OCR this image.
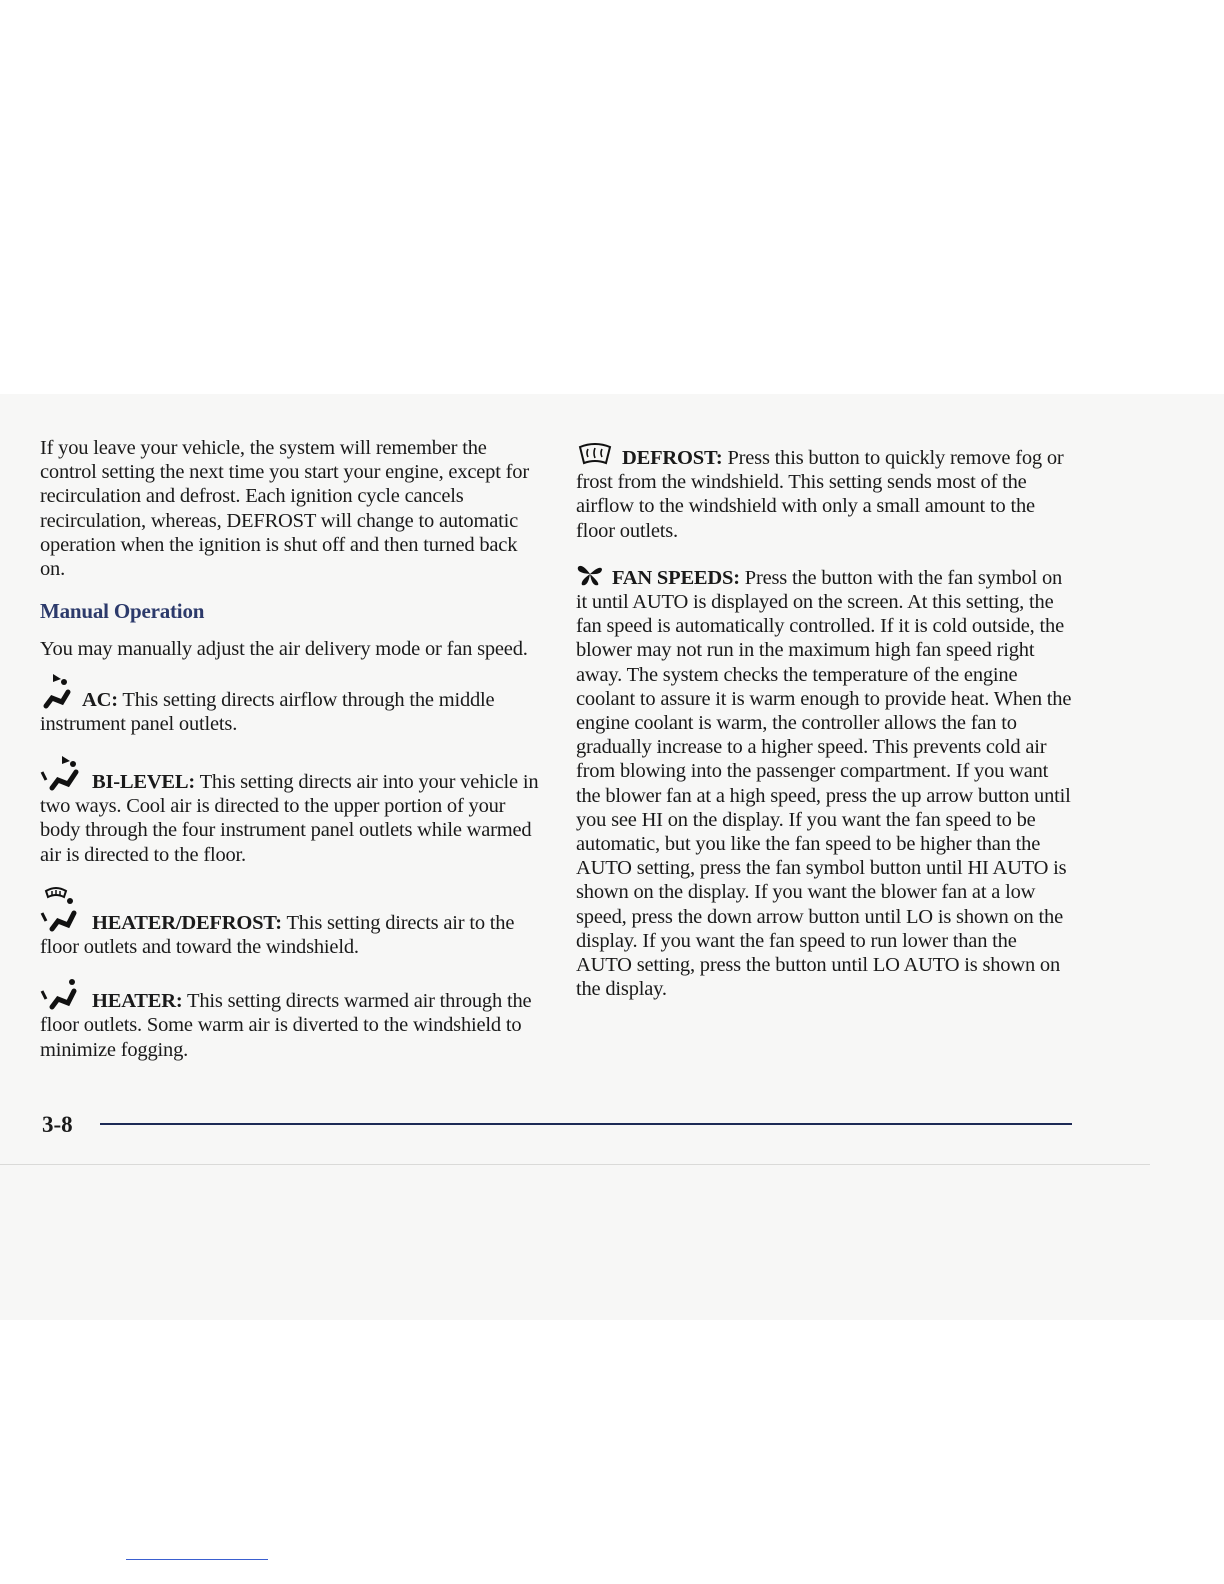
If you leave your vehicle, the system will remember the control setting the next time you start your engine, except for recirculation and defrost. Each ignition cycle cancels recirculation, whereas, DEFROST will change to automatic operation when the ignition is shut off and then turned back on.

Manual Operation

You may manually adjust the air delivery mode or fan speed.

AC: This setting directs airflow through the middle instrument panel outlets.

BI-LEVEL: This setting directs air into your vehicle in two ways. Cool air is directed to the upper portion of your body through the four instrument panel outlets while warmed air is directed to the floor.

HEATER/DEFROST: This setting directs air to the floor outlets and toward the windshield.

HEATER: This setting directs warmed air through the floor outlets. Some warm air is diverted to the windshield to minimize fogging.

DEFROST: Press this button to quickly remove fog or frost from the windshield. This setting sends most of the airflow to the windshield with only a small amount to the floor outlets.

FAN SPEEDS: Press the button with the fan symbol on it until AUTO is displayed on the screen. At this setting, the fan speed is automatically controlled. If it is cold outside, the blower may not run in the maximum high fan speed right away. The system checks the temperature of the engine coolant to assure it is warm enough to provide heat. When the engine coolant is warm, the controller allows the fan to gradually increase to a higher speed. This prevents cold air from blowing into the passenger compartment. If you want the blower fan at a high speed, press the up arrow button until you see HI on the display. If you want the fan speed to be automatic, but you like the fan speed to be higher than the AUTO setting, press the fan symbol button until HI AUTO is shown on the display. If you want the blower fan at a low speed, press the down arrow button until LO is shown on the display. If you want the fan speed to run lower than the AUTO setting, press the button until LO AUTO is shown on the display.

3-8
